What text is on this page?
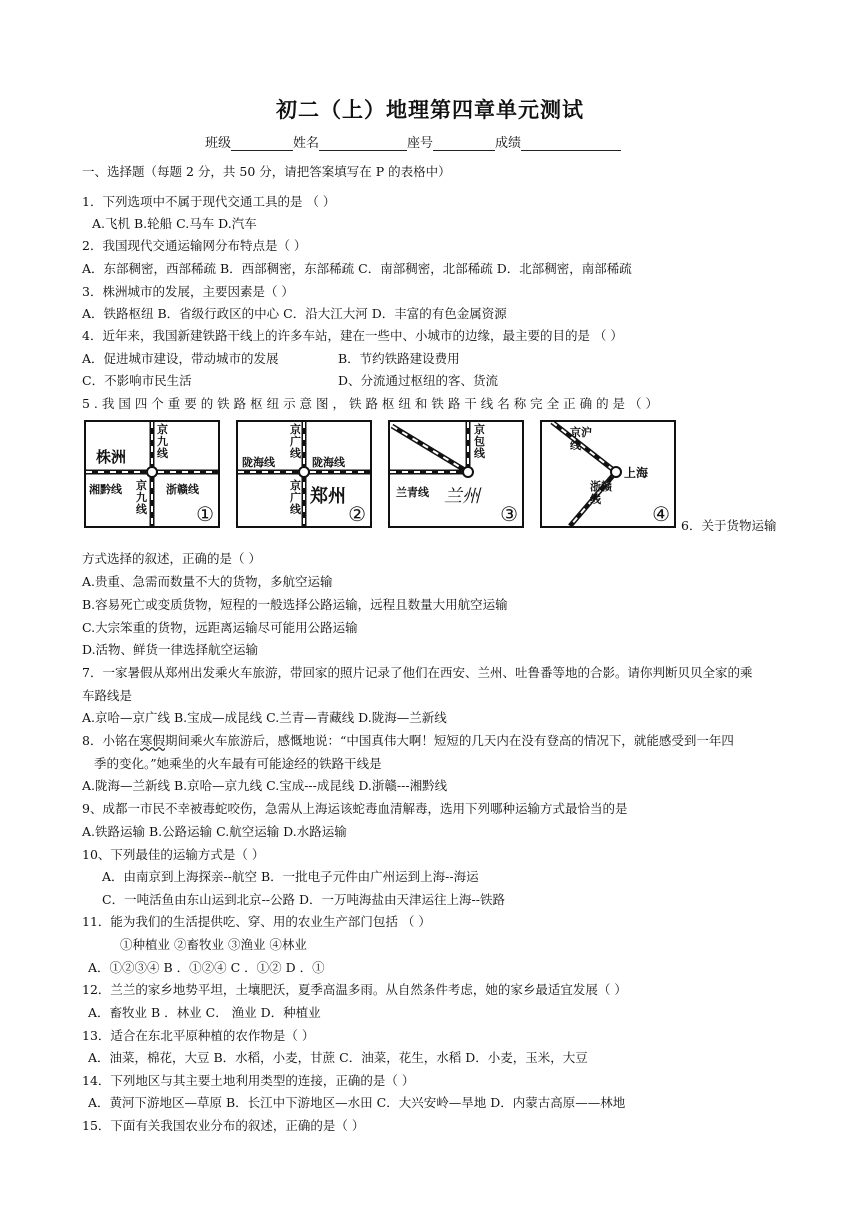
初二（上）地理第四章单元测试
班级	姓名	座号	成绩
一、选择题（每题 2 分，共 50 分，请把答案填写在 P 的表格中）
1．下列选项中不属于现代交通工具的是 （ ）
A.飞机 B.轮船 C.马车 D.汽车
2．我国现代交通运输网分布特点是（ ）
A．东部稠密，西部稀疏 B．西部稠密，东部稀疏 C．南部稠密，北部稀疏 D．北部稠密，南部稀疏
3．株洲城市的发展，主要因素是（ ）
A．铁路枢纽 B．省级行政区的中心 C．沿大江大河 D．丰富的有色金属资源
4．近年来，我国新建铁路干线上的许多车站，建在一些中、小城市的边缘，最主要的目的是 （ ）
A．促进城市建设，带动城市的发展	B．节约铁路建设费用
C．不影响市民生活	D、分流通过枢纽的客、货流
5 . 我 国 四 个 重 要 的 铁 路 枢 纽 示 意 图 ， 铁 路 枢 纽 和 铁 路 干 线 名 称 完 全 正 确 的 是 （ ）
株洲
京九线
湘黔线	浙赣线
京九线 ①
京广线
陇海线	陇海线
京广线
郑州
②
京包线
兰青线 兰州
③
京沪线
上海
浙赣线
④ 6．关于货物运输
方式选择的叙述，正确的是（ ）
A.贵重、急需而数量不大的货物，多航空运输
B.容易死亡或变质货物，短程的一般选择公路运输，远程且数量大用航空运输
C.大宗笨重的货物，远距离运输尽可能用公路运输
D.活物、鲜货一律选择航空运输
7．一家暑假从郑州出发乘火车旅游，带回家的照片记录了他们在西安、兰州、吐鲁番等地的合影。请你判断贝贝全家的乘
车路线是
A.京哈—京广线 B.宝成—成昆线 C.兰青—青藏线 D.陇海—兰新线
8．小铭在寒假期间乘火车旅游后，感慨地说：“中国真伟大啊！短短的几天内在没有登高的情况下，就能感受到一年四
季的变化。”她乘坐的火车最有可能途经的铁路干线是
A.陇海—兰新线 B.京哈—京九线 C.宝成---成昆线 D.浙赣---湘黔线
9、成都一市民不幸被毒蛇咬伤，急需从上海运该蛇毒血清解毒，选用下列哪种运输方式最恰当的是
A.铁路运输 B.公路运输 C.航空运输 D.水路运输
10、下列最佳的运输方式是（ ）
A．由南京到上海探亲--航空 B．一批电子元件由广州运到上海--海运
C．一吨活鱼由东山运到北京--公路 D．一万吨海盐由天津运往上海--铁路
11．能为我们的生活提供吃、穿、用的农业生产部门包括 （ ）
①种植业 ②畜牧业 ③渔业 ④林业
A．①②③④ B ．①②④ C ．①② D ．①
12．兰兰的家乡地势平坦，土壤肥沃，夏季高温多雨。从自然条件考虑，她的家乡最适宜发展（ ）
A．畜牧业 B ．林业 C． 渔业 D．种植业
13．适合在东北平原种植的农作物是（ ）
A．油菜，棉花，大豆 B．水稻，小麦，甘蔗 C．油菜，花生，水稻 D．小麦，玉米，大豆
14．下列地区与其主要土地利用类型的连接，正确的是（ ）
A．黄河下游地区—草原 B．长江中下游地区—水田 C．大兴安岭—旱地 D．内蒙古高原——林地
15．下面有关我国农业分布的叙述，正确的是（ ）
